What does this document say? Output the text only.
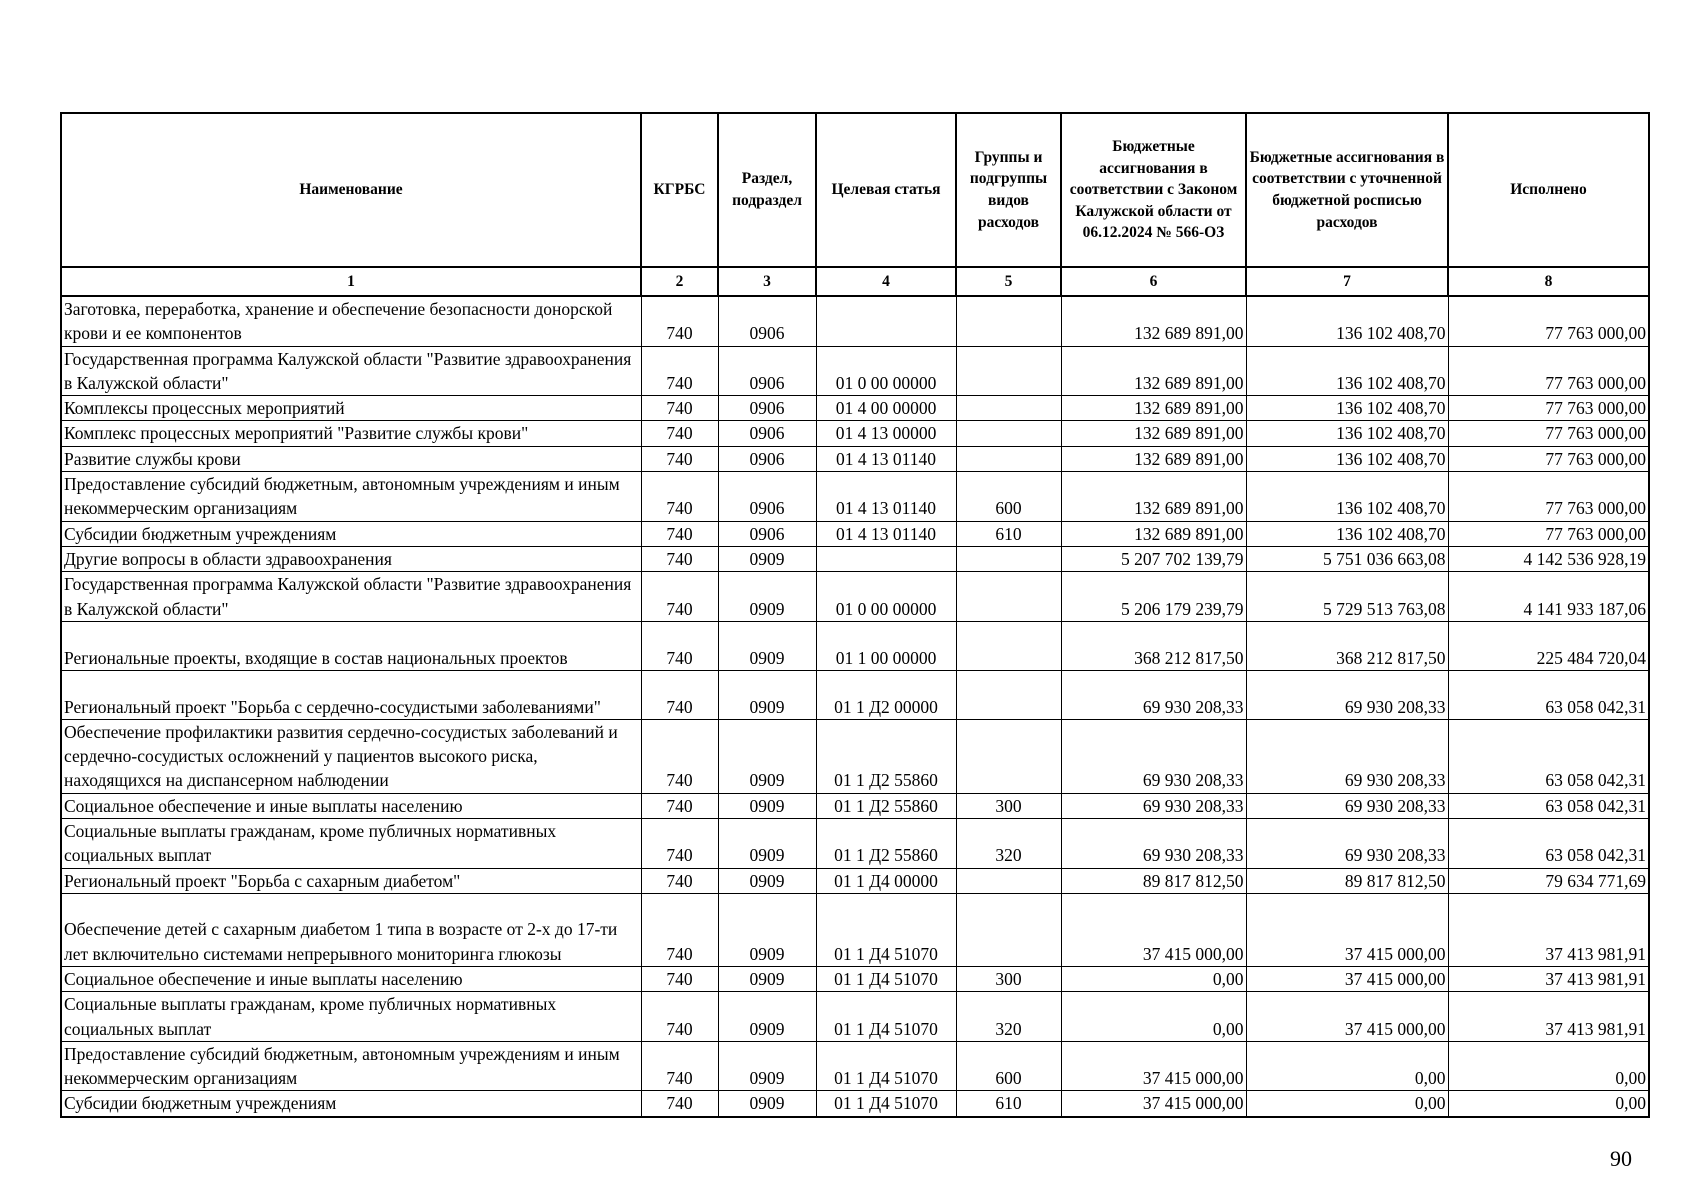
Наименование	КГРБС	Раздел, подраздел	Целевая статья	Группы и подгруппы видов расходов	Бюджетные ассигнования в соответствии с Законом Калужской области от 06.12.2024 № 566-ОЗ	Бюджетные ассигнования в соответствии с уточненной бюджетной росписью расходов	Исполнено
1	2	3	4	5	6	7	8
Заготовка, переработка, хранение и обеспечение безопасности донорской крови и ее компонентов	740	0906			132 689 891,00	136 102 408,70	77 763 000,00
Государственная программа Калужской области "Развитие здравоохранения в Калужской области"	740	0906	01 0 00 00000		132 689 891,00	136 102 408,70	77 763 000,00
Комплексы процессных мероприятий	740	0906	01 4 00 00000		132 689 891,00	136 102 408,70	77 763 000,00
Комплекс процессных мероприятий "Развитие службы крови"	740	0906	01 4 13 00000		132 689 891,00	136 102 408,70	77 763 000,00
Развитие службы крови	740	0906	01 4 13 01140		132 689 891,00	136 102 408,70	77 763 000,00
Предоставление субсидий бюджетным, автономным учреждениям и иным некоммерческим организациям	740	0906	01 4 13 01140	600	132 689 891,00	136 102 408,70	77 763 000,00
Субсидии бюджетным учреждениям	740	0906	01 4 13 01140	610	132 689 891,00	136 102 408,70	77 763 000,00
Другие вопросы в области здравоохранения	740	0909			5 207 702 139,79	5 751 036 663,08	4 142 536 928,19
Государственная программа Калужской области "Развитие здравоохранения в Калужской области"	740	0909	01 0 00 00000		5 206 179 239,79	5 729 513 763,08	4 141 933 187,06
Региональные проекты, входящие в состав национальных проектов	740	0909	01 1 00 00000		368 212 817,50	368 212 817,50	225 484 720,04
Региональный проект "Борьба с сердечно-сосудистыми заболеваниями"	740	0909	01 1 Д2 00000		69 930 208,33	69 930 208,33	63 058 042,31
Обеспечение профилактики развития сердечно-сосудистых заболеваний и сердечно-сосудистых осложнений у пациентов высокого риска, находящихся на диспансерном наблюдении	740	0909	01 1 Д2 55860		69 930 208,33	69 930 208,33	63 058 042,31
Социальное обеспечение и иные выплаты населению	740	0909	01 1 Д2 55860	300	69 930 208,33	69 930 208,33	63 058 042,31
Социальные выплаты гражданам, кроме публичных нормативных социальных выплат	740	0909	01 1 Д2 55860	320	69 930 208,33	69 930 208,33	63 058 042,31
Региональный проект "Борьба с сахарным диабетом"	740	0909	01 1 Д4 00000		89 817 812,50	89 817 812,50	79 634 771,69
Обеспечение детей с сахарным диабетом 1 типа в возрасте от 2-х до 17-ти лет включительно системами непрерывного мониторинга глюкозы	740	0909	01 1 Д4 51070		37 415 000,00	37 415 000,00	37 413 981,91
Социальное обеспечение и иные выплаты населению	740	0909	01 1 Д4 51070	300	0,00	37 415 000,00	37 413 981,91
Социальные выплаты гражданам, кроме публичных нормативных социальных выплат	740	0909	01 1 Д4 51070	320	0,00	37 415 000,00	37 413 981,91
Предоставление субсидий бюджетным, автономным учреждениям и иным некоммерческим организациям	740	0909	01 1 Д4 51070	600	37 415 000,00	0,00	0,00
Субсидии бюджетным учреждениям	740	0909	01 1 Д4 51070	610	37 415 000,00	0,00	0,00
90
